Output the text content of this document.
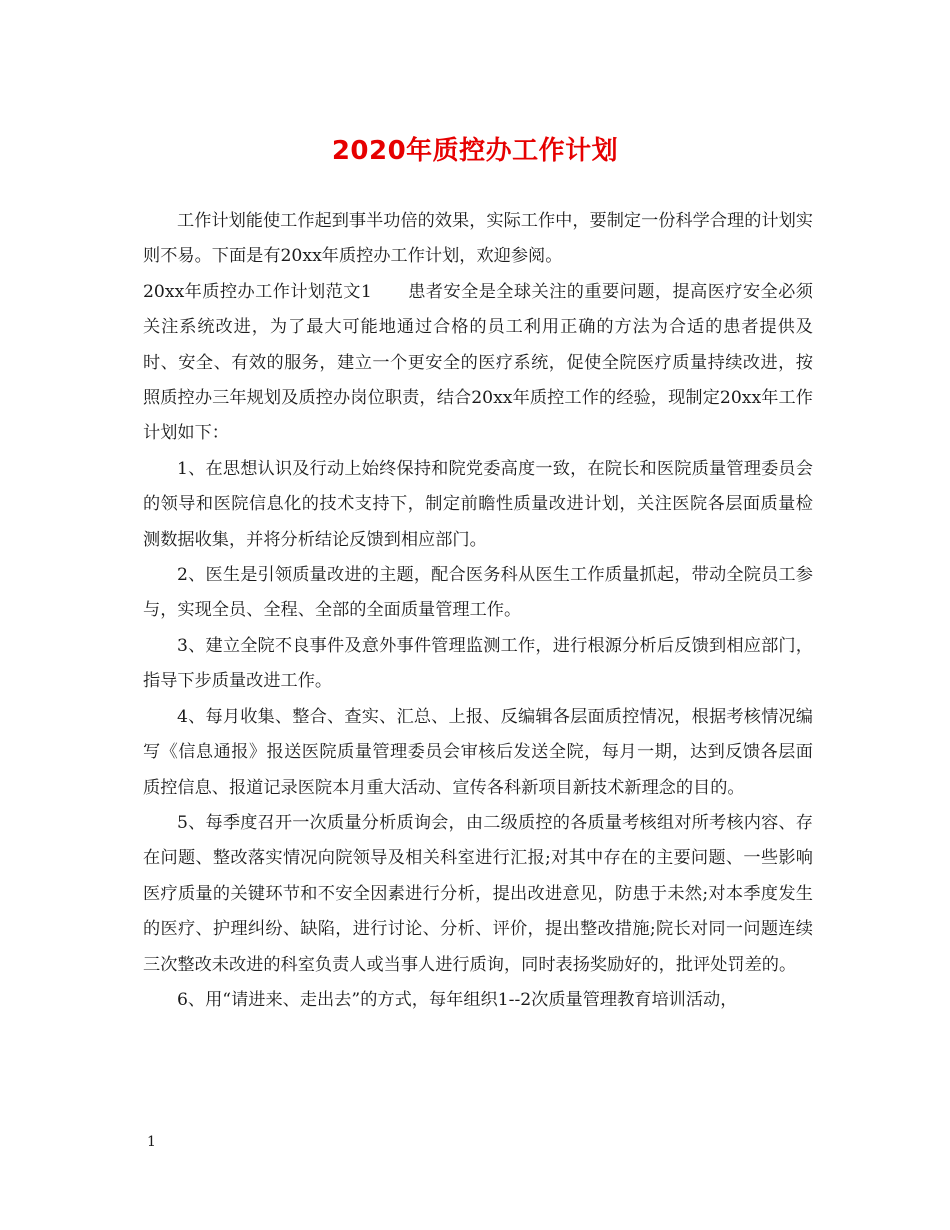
2020年质控办工作计划

工作计划能使工作起到事半功倍的效果，实际工作中，要制定一份科学合理的计划实则不易。下面是有20xx年质控办工作计划，欢迎参阅。

20xx年质控办工作计划范文1 患者安全是全球关注的重要问题，提高医疗安全必须关注系统改进，为了最大可能地通过合格的员工利用正确的方法为合适的患者提供及时、安全、有效的服务，建立一个更安全的医疗系统，促使全院医疗质量持续改进，按照质控办三年规划及质控办岗位职责，结合20xx年质控工作的经验，现制定20xx年工作计划如下：

1、在思想认识及行动上始终保持和院党委高度一致，在院长和医院质量管理委员会的领导和医院信息化的技术支持下，制定前瞻性质量改进计划，关注医院各层面质量检测数据收集，并将分析结论反馈到相应部门。

2、医生是引领质量改进的主题，配合医务科从医生工作质量抓起，带动全院员工参与，实现全员、全程、全部的全面质量管理工作。

3、建立全院不良事件及意外事件管理监测工作，进行根源分析后反馈到相应部门，指导下步质量改进工作。

4、每月收集、整合、查实、汇总、上报、反编辑各层面质控情况，根据考核情况编写《信息通报》报送医院质量管理委员会审核后发送全院，每月一期，达到反馈各层面质控信息、报道记录医院本月重大活动、宣传各科新项目新技术新理念的目的。

5、每季度召开一次质量分析质询会，由二级质控的各质量考核组对所考核内容、存在问题、整改落实情况向院领导及相关科室进行汇报;对其中存在的主要问题、一些影响医疗质量的关键环节和不安全因素进行分析，提出改进意见，防患于未然;对本季度发生的医疗、护理纠纷、缺陷，进行讨论、分析、评价，提出整改措施;院长对同一问题连续三次整改未改进的科室负责人或当事人进行质询，同时表扬奖励好的，批评处罚差的。

6、用“请进来、走出去”的方式，每年组织1--2次质量管理教育培训活动，

1
